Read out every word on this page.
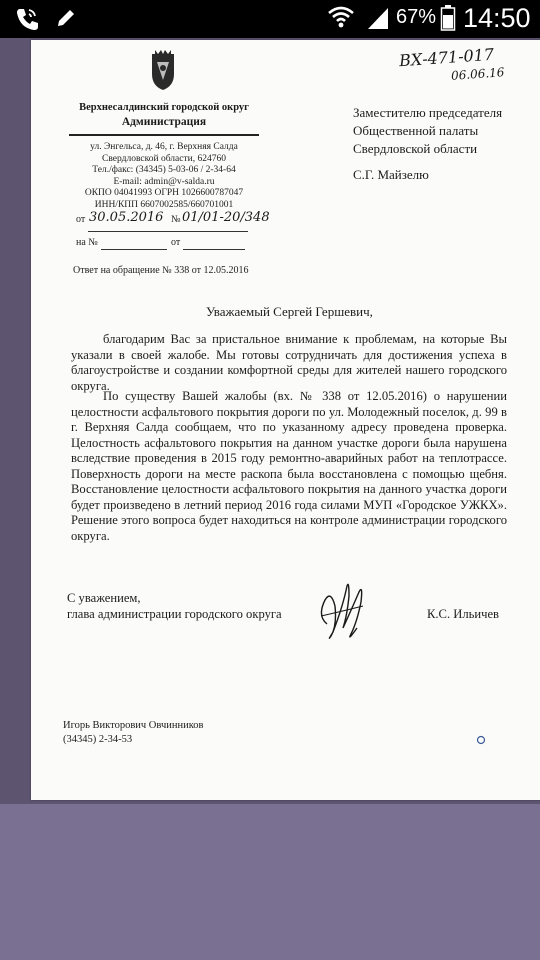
67% 14:50
ВХ-471-017
06.06.16
Верхнесалдинский городской округ
Администрация
ул. Энгельса, д. 46, г. Верхняя Салда
Свердловской области, 624760
Тел./факс: (34345) 5-03-06 / 2-34-64
E-mail: admin@v-salda.ru
ОКПО 04041993 ОГРН 1026600787047
ИНН/КПП 6607002585/660701001
от 30.05.2016 № 01/01-20/348
на №	от
Ответ на обращение № 338 от 12.05.2016
Заместителю председателя
Общественной палаты
Свердловской области
С.Г. Майзелю
Уважаемый Сергей Гершевич,
благодарим Вас за пристальное внимание к проблемам, на которые Вы указали в своей жалобе. Мы готовы сотрудничать для достижения успеха в благоустройстве и создании комфортной среды для жителей нашего городского округа.
По существу Вашей жалобы (вх. № 338 от 12.05.2016) о нарушении целостности асфальтового покрытия дороги по ул. Молодежный поселок, д. 99 в г. Верхняя Салда сообщаем, что по указанному адресу проведена проверка. Целостность асфальтового покрытия на данном участке дороги была нарушена вследствие проведения в 2015 году ремонтно-аварийных работ на теплотрассе. Поверхность дороги на месте раскопа была восстановлена с помощью щебня. Восстановление целостности асфальтового покрытия на данного участка дороги будет произведено в летний период 2016 года силами МУП «Городское УЖКХ». Решение этого вопроса будет находиться на контроле администрации городского округа.
С уважением,
глава администрации городского округа	К.С. Ильичев
Игорь Викторович Овчинников
(34345) 2-34-53
